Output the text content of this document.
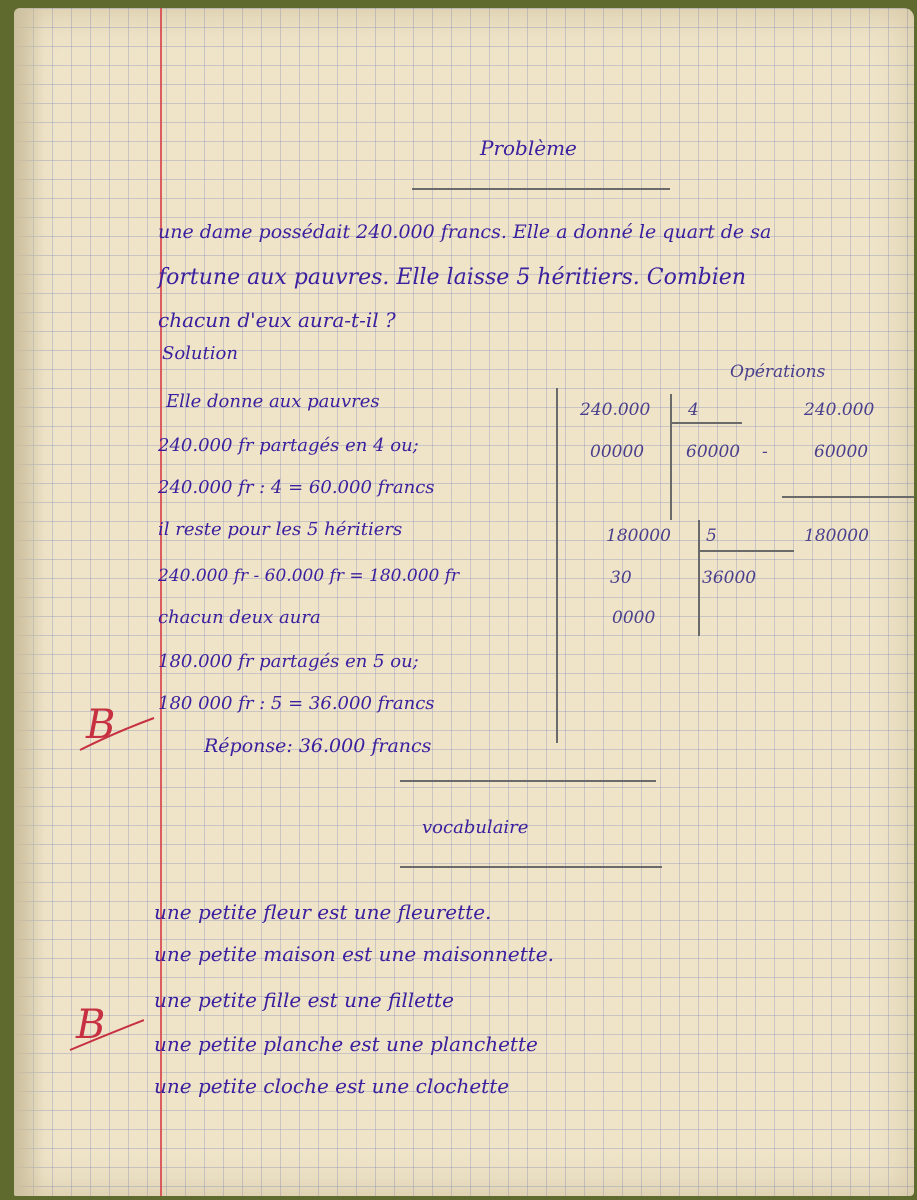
Problème

une dame possédait 240.000 francs. Elle a donné le quart de sa

fortune aux pauvres. Elle laisse 5 héritiers. Combien

chacun d'eux aura-t-il ?

Solution

Elle donne aux pauvres

240.000 fr partagés en 4 ou;

240.000 fr : 4 = 60.000 francs

il reste pour les 5 héritiers

240.000 fr - 60.000 fr = 180.000 fr

chacun deux aura

180.000 fr partagés en 5 ou;

180 000 fr : 5 = 36.000 francs

Réponse: 36.000 francs

Opérations

240.000 4

00000 60000 -

240.000

60000

180000

180000 5

30	36000

0000

vocabulaire

une petite fleur est une fleurette.

une petite maison est une maisonnette.

une petite fille est une fillette

une petite planche est une planchette

une petite cloche est une clochette

B
B
